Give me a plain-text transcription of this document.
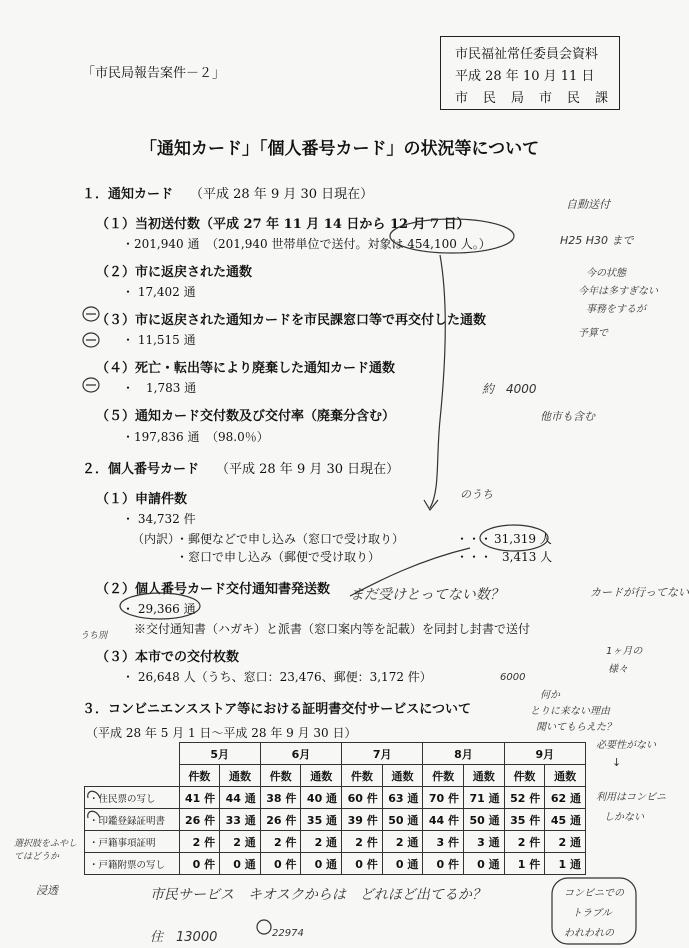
「市民局報告案件－２」
市民福祉常任委員会資料
平成 28 年 10 月 11 日
市　民　局　市　民　課
「通知カード」「個人番号カード」の状況等について
１．通知カード （平成 28 年 9 月 30 日現在）
（１）当初送付数（平成 27 年 11 月 14 日から 12 月 7 日）
・201,940 通 （201,940 世帯単位で送付。対象は 454,100 人。）
（２）市に返戻された通数
・ 17,402 通
（３）市に返戻された通知カードを市民課窓口等で再交付した通数
・ 11,515 通
（４）死亡・転出等により廃棄した通知カード通数
・　1,783 通
（５）通知カード交付数及び交付率（廃棄分含む）
・197,836 通 （98.0％）
２．個人番号カード （平成 28 年 9 月 30 日現在）
（１）申請件数
・ 34,732 件
（内訳）
・郵便などで申し込み（窓口で受け取り）	・・・ 31,319 人
・窓口で申し込み（郵便で受け取り）	・・・ 3,413 人
（２）個人番号カード交付通知書発送数
・ 29,366 通
※交付通知書（ハガキ）と派書（窓口案内等を記載）を同封し封書で送付
（３）本市での交付枚数
・ 26,648 人（うち、窓口：23,476、郵便：3,172 件）
３．コンビニエンスストア等における証明書交付サービスについて
（平成 28 年 5 月 1 日～平成 28 年 9 月 30 日）
	5月		6月		7月		8月		9月	
	件数	通数	件数	通数	件数	通数	件数	通数	件数	通数
・住民票の写し	41 件	44 通	38 件	40 通	60 件	63 通	70 件	71 通	52 件	62 通
・印鑑登録証明書	26 件	33 通	26 件	35 通	39 件	50 通	44 件	50 通	35 件	45 通
・戸籍事項証明	2 件	2 通	2 件	2 通	2 件	2 通	3 件	3 通	2 件	2 通
・戸籍附票の写し	0 件	0 通	0 件	0 通	0 件	0 通	0 件	0 通	1 件	1 通
自動送付
H25 H30 まで
今の状態
今年は多すぎない
事務をするが
予算で
約　4000
他市も含む
のうち
まだ受けとってない数？	カードが行ってない
1ヶ月の
様々
うち別
6000
何か
とりに来ない理由
聞いてもらえた？
必要性がない
↓
利用はコンビニ
しかない
選択肢をふやしてはどうか
浸透	市民サービス　キオスクからは　どれほど出てるか？	コンビニでの
トラブル
われわれの
住　13000	22974
